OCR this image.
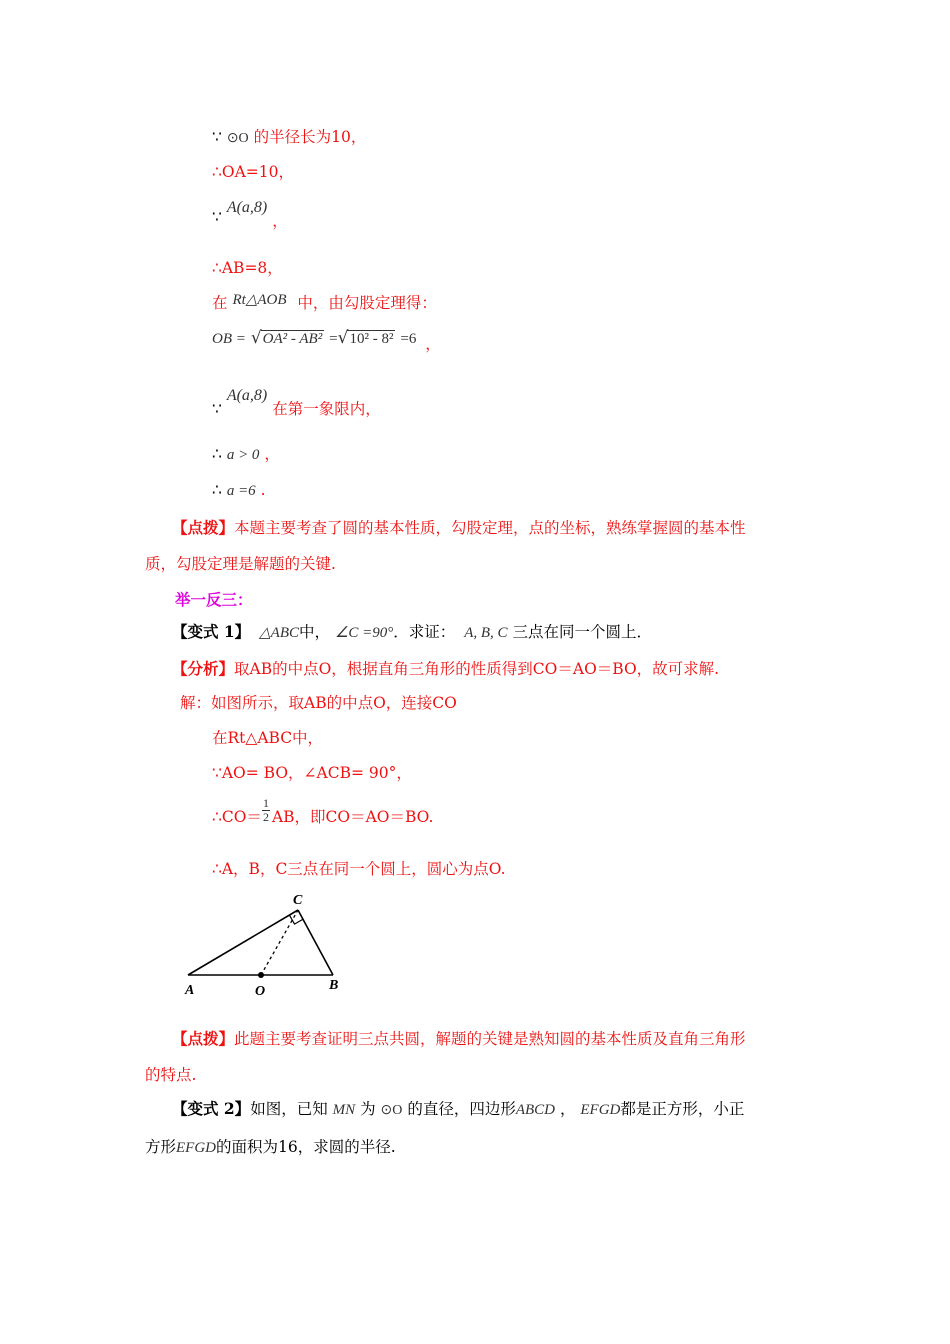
∵ ⊙O 的半径长为10，
∴OA=10，
∵ A(a,8) ，
∴AB=8，
在 Rt△AOB 中，由勾股定理得：
OB = √OA² - AB² =√10² - 8² =6 ，
∵ A(a,8) 在第一象限内，
∴ a > 0 ，
∴ a =6 .
【点拨】本题主要考查了圆的基本性质，勾股定理，点的坐标，熟练掌握圆的基本性
质，勾股定理是解题的关键.
举一反三：
【变式 1】 △ABC中， ∠C =90°．求证： A, B, C 三点在同一个圆上．
【分析】取AB的中点O，根据直角三角形的性质得到CO＝AO＝BO，故可求解.
解：如图所示，取AB的中点O，连接CO
在Rt△ABC中，
∵AO= BO，∠ACB= 90°，
∴CO＝ $\frac{1}{2}$ AB，即CO＝AO＝BO.
∴A，B，C三点在同一个圆上，圆心为点O.
A	O	B
C
【点拨】此题主要考查证明三点共圆，解题的关键是熟知圆的基本性质及直角三角形
的特点.
【变式 2】如图，已知 MN 为 ⊙O 的直径，四边形ABCD ， EFGD都是正方形，小正
方形EFGD的面积为16，求圆的半径.
